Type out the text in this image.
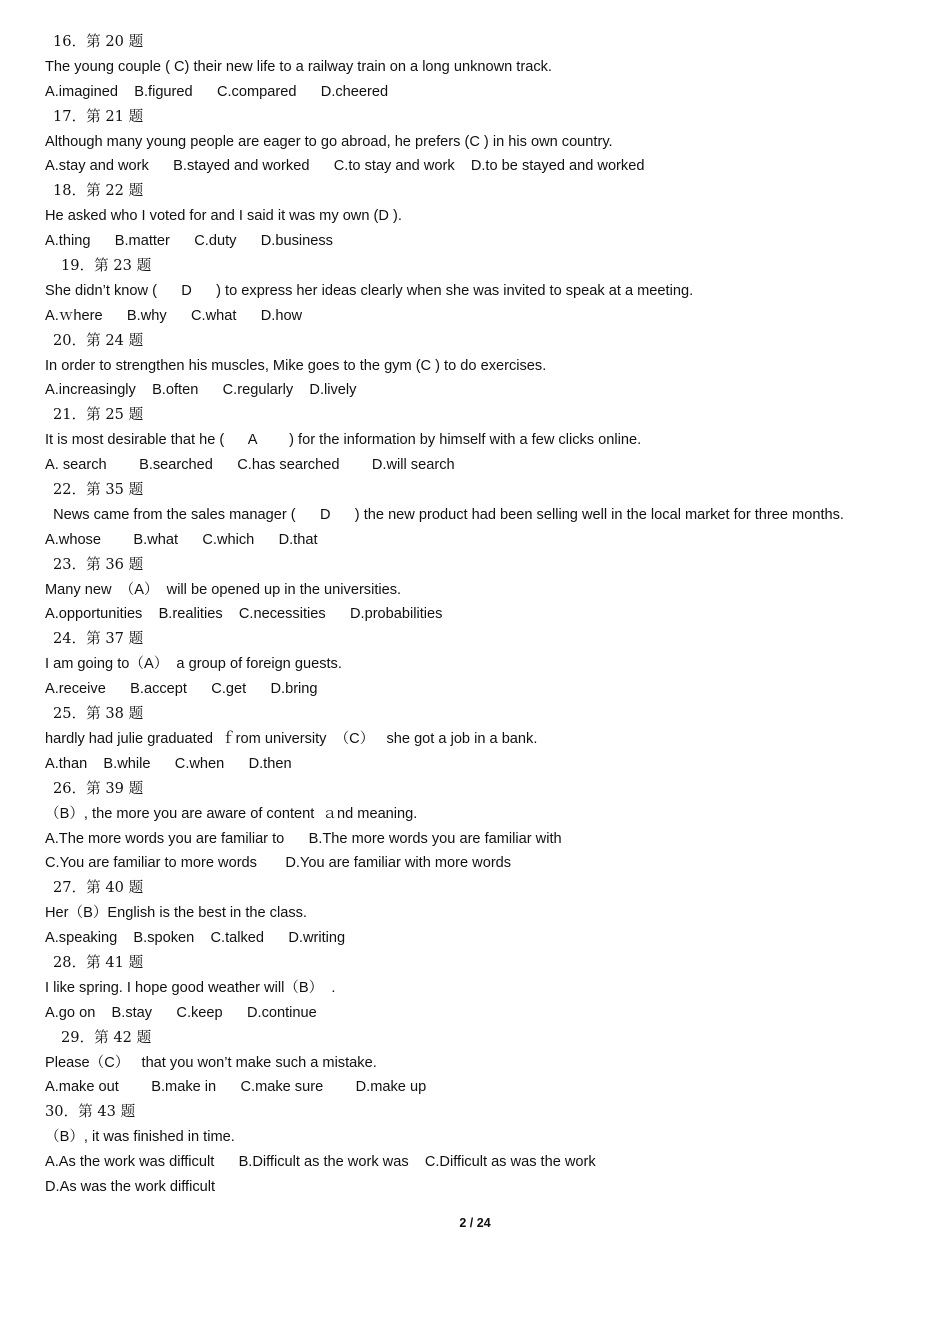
16．第 20 题
The young couple ( C) their new life to a railway train on a long unknown track.
A.imagined    B.figured      C.compared      D.cheered
17．第 21 题
Although many young people are eager to go abroad, he prefers (C ) in his own country.
A.stay and work      B.stayed and worked      C.to stay and work    D.to be stayed and worked
18．第 22 题
He asked who I voted for and I said it was my own (D ).
A.thing      B.matter      C.duty      D.business
19．第 23 题
She didn’t know (      D      ) to express her ideas clearly when she was invited to speak at a meeting.
A.ｗhere      B.why      C.what      D.how
20．第 24 题
In order to strengthen his muscles, Mike goes to the gym (C ) to do exercises.
A.increasingly    B.often      C.regularly    D.lively
21．第 25 题
It is most desirable that he (      A        ) for the information by himself with a few clicks online.
A. search        B.searched      C.has searched        D.will search
22．第 35 题
News came from the sales manager (      D      ) the new product had been selling well in the local market for three months.
A.whose        B.what      C.which      D.that
23．第 36 题
Many new  （A）  will be opened up in the universities.
A.opportunities    B.realities    C.necessities      D.probabilities
24．第 37 题
I am going to（A）  a group of foreign guests.
A.receive      B.accept      C.get      D.bring
25．第 38 题
hardly had julie graduated  ｆrom university  （C）   she got a job in a bank.
A.than    B.while      C.when      D.then
26．第 39 题
（B）, the more you are aware of content  ａnd meaning.
A.The more words you are familiar to      B.The more words you are familiar with
C.You are familiar to more words       D.You are familiar with more words
27．第 40 题
Her（B）English is the best in the class.
A.speaking    B.spoken    C.talked      D.writing
28．第 41 题
I like spring. I hope good weather will（B）  .
A.go on    B.stay      C.keep      D.continue
29．第 42 题
Please（C）   that you won’t make such a mistake.
A.make out        B.make in      C.make sure        D.make up
30．第 43 题
（B）, it was finished in time.
A.As the work was difficult      B.Difficult as the work was    C.Difficult as was the work
D.As was the work difficult
2 / 24
